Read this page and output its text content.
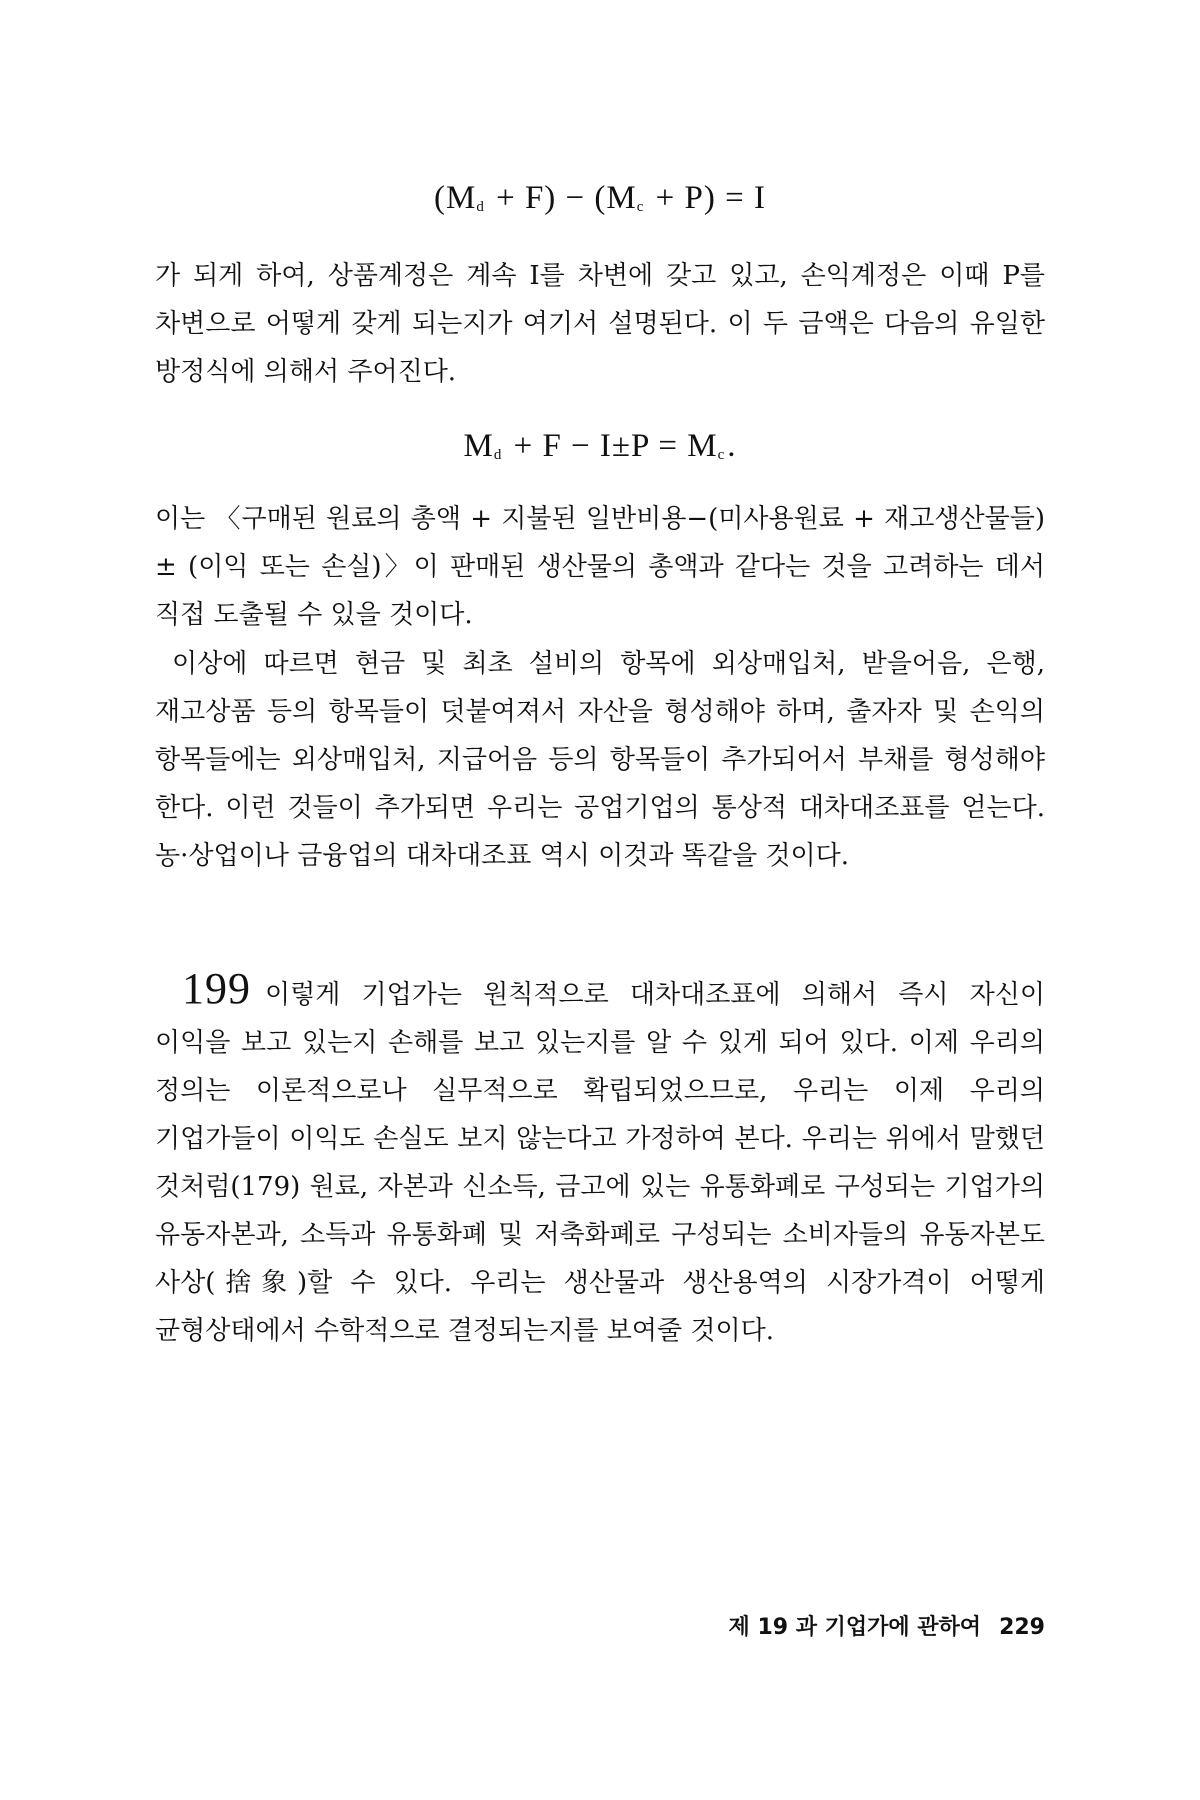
$(M_d + F) - (M_c + P) = I$

가 되게 하여, 상품계정은 계속 I를 차변에 갖고 있고, 손익계정은 이때 P를 차변으로 어떻게 갖게 되는지가 여기서 설명된다. 이 두 금액은 다음의 유일한 방정식에 의해서 주어진다.

$M_d + F - I\pm P = M_c$.

이는 〈구매된 원료의 총액 + 지불된 일반비용−(미사용원료 + 재고생산물들) ± (이익 또는 손실)〉이 판매된 생산물의 총액과 같다는 것을 고려하는 데서 직접 도출될 수 있을 것이다.

이상에 따르면 현금 및 최초 설비의 항목에 외상매입처, 받을어음, 은행, 재고상품 등의 항목들이 덧붙여져서 자산을 형성해야 하며, 출자자 및 손익의 항목들에는 외상매입처, 지급어음 등의 항목들이 추가되어서 부채를 형성해야 한다. 이런 것들이 추가되면 우리는 공업기업의 통상적 대차대조표를 얻는다. 농·상업이나 금융업의 대차대조표 역시 이것과 똑같을 것이다.

199 이렇게 기업가는 원칙적으로 대차대조표에 의해서 즉시 자신이 이익을 보고 있는지 손해를 보고 있는지를 알 수 있게 되어 있다. 이제 우리의 정의는 이론적으로나 실무적으로 확립되었으므로, 우리는 이제 우리의 기업가들이 이익도 손실도 보지 않는다고 가정하여 본다. 우리는 위에서 말했던 것처럼(179) 원료, 자본과 신소득, 금고에 있는 유통화폐로 구성되는 기업가의 유동자본과, 소득과 유통화폐 및 저축화폐로 구성되는 소비자들의 유동자본도 사상(捨象)할 수 있다. 우리는 생산물과 생산용역의 시장가격이 어떻게 균형상태에서 수학적으로 결정되는지를 보여줄 것이다.

제 19 과 기업가에 관하여 229
